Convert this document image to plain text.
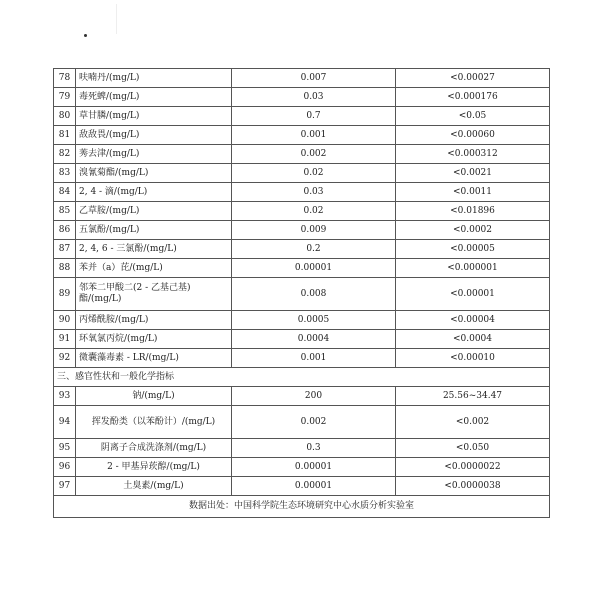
78	呋喃丹/(mg/L)	0.007	<0.00027
79	毒死蜱/(mg/L)	0.03	<0.000176
80	草甘膦/(mg/L)	0.7	<0.05
81	敌敌畏/(mg/L)	0.001	<0.00060
82	莠去津/(mg/L)	0.002	<0.000312
83	溴氰菊酯/(mg/L)	0.02	<0.0021
84	2, 4 - 滴/(mg/L)	0.03	<0.0011
85	乙草胺/(mg/L)	0.02	<0.01896
86	五氯酚/(mg/L)	0.009	<0.0002
87	2, 4, 6 - 三氯酚/(mg/L)	0.2	<0.00005
88	苯并（a）芘/(mg/L)	0.00001	<0.000001
89	邻苯二甲酸二(2 - 乙基己基)酯/(mg/L)	0.008	<0.00001
90	丙烯酰胺/(mg/L)	0.0005	<0.00004
91	环氧氯丙烷/(mg/L)	0.0004	<0.0004
92	微囊藻毒素 - LR/(mg/L)	0.001	<0.00010
三、感官性状和一般化学指标			
93	钠/(mg/L)	200	25.56~34.47
94	挥发酚类（以苯酚计）/(mg/L)	0.002	<0.002
95	阴离子合成洗涤剂/(mg/L)	0.3	<0.050
96	2 - 甲基异莰醇/(mg/L)	0.00001	<0.0000022
97	土臭素/(mg/L)	0.00001	<0.0000038
数据出处：中国科学院生态环境研究中心水质分析实验室			
